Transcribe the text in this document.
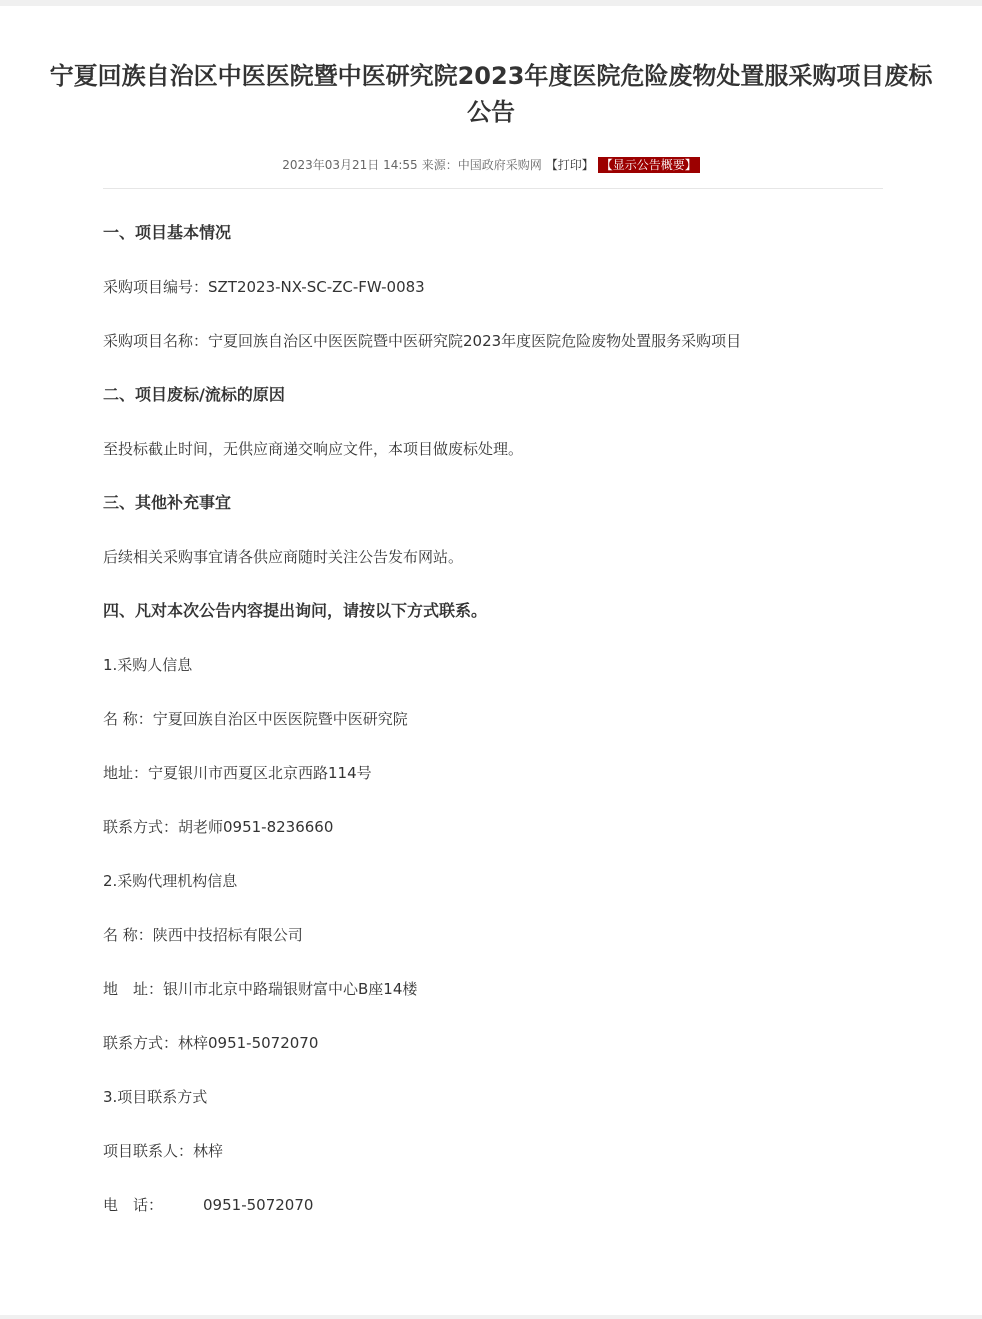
宁夏回族自治区中医医院暨中医研究院2023年度医院危险废物处置服采购项目废标
公告
2023年03月21日 14:55 来源：中国政府采购网 【打印】 【显示公告概要】
一、项目基本情况
采购项目编号：SZT2023-NX-SC-ZC-FW-0083
采购项目名称：宁夏回族自治区中医医院暨中医研究院2023年度医院危险废物处置服务采购项目
二、项目废标/流标的原因
至投标截止时间，无供应商递交响应文件，本项目做废标处理。
三、其他补充事宜
后续相关采购事宜请各供应商随时关注公告发布网站。
四、凡对本次公告内容提出询问，请按以下方式联系。
1.采购人信息
名 称：宁夏回族自治区中医医院暨中医研究院
地址：宁夏银川市西夏区北京西路114号
联系方式：胡老师0951-8236660
2.采购代理机构信息
名 称：陕西中技招标有限公司
地　址：银川市北京中路瑞银财富中心B座14楼
联系方式：林梓0951-5072070
3.项目联系方式
项目联系人：林梓
电　话：	0951-5072070
